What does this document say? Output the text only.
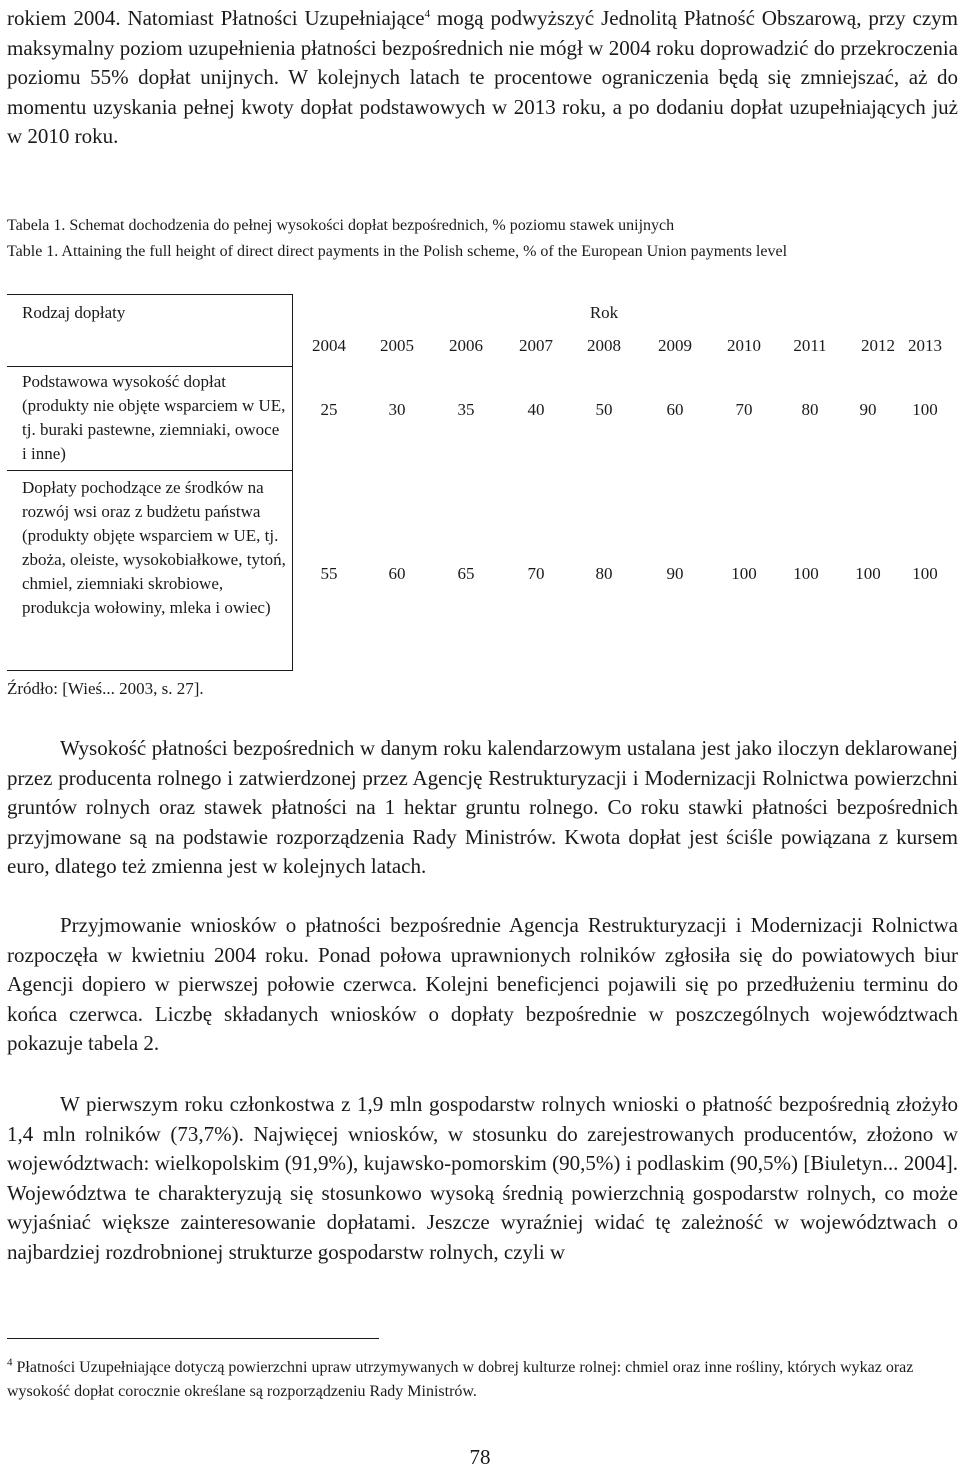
rokiem 2004. Natomiast Płatności Uzupełniające$^4$ mogą podwyższyć Jednolitą Płatność Obszarową, przy czym maksymalny poziom uzupełnienia płatności bezpośrednich nie mógł w 2004 roku doprowadzić do przekroczenia poziomu 55% dopłat unijnych. W kolejnych latach te procentowe ograniczenia będą się zmniejszać, aż do momentu uzyskania pełnej kwoty dopłat podstawowych w 2013 roku, a po dodaniu dopłat uzupełniających już w 2010 roku.

Tabela 1. Schemat dochodzenia do pełnej wysokości dopłat bezpośrednich, % poziomu stawek unijnych

Table 1. Attaining the full height of direct direct payments in the Polish scheme, % of the European Union payments level

Rodzaj dopłaty	Rok
2004	2005	2006	2007	2008	2009	2010	2011	2012 2013
Podstawowa wysokość dopłat (produkty nie objęte wsparciem w UE, tj. buraki pastewne, ziemniaki, owoce i inne)
25	30	35	40	50	60	70	80	90	100
Dopłaty pochodzące ze środków na rozwój wsi oraz z budżetu państwa (produkty objęte wsparciem w UE, tj. zboża, oleiste, wysokobiałkowe, tytoń, chmiel, ziemniaki skrobiowe, produkcja wołowiny, mleka i owiec)
55	60	65	70	80	90	100	100	100	100
Źródło: [Wieś... 2003, s. 27].

Wysokość płatności bezpośrednich w danym roku kalendarzowym ustalana jest jako iloczyn deklarowanej przez producenta rolnego i zatwierdzonej przez Agencję Restrukturyzacji i Modernizacji Rolnictwa powierzchni gruntów rolnych oraz stawek płatności na 1 hektar gruntu rolnego. Co roku stawki płatności bezpośrednich przyjmowane są na podstawie rozporządzenia Rady Ministrów. Kwota dopłat jest ściśle powiązana z kursem euro, dlatego też zmienna jest w kolejnych latach.

Przyjmowanie wniosków o płatności bezpośrednie Agencja Restrukturyzacji i Modernizacji Rolnictwa rozpoczęła w kwietniu 2004 roku. Ponad połowa uprawnionych rolników zgłosiła się do powiatowych biur Agencji dopiero w pierwszej połowie czerwca. Kolejni beneficjenci pojawili się po przedłużeniu terminu do końca czerwca. Liczbę składanych wniosków o dopłaty bezpośrednie w poszczególnych województwach pokazuje tabela 2.

W pierwszym roku członkostwa z 1,9 mln gospodarstw rolnych wnioski o płatność bezpośrednią złożyło 1,4 mln rolników (73,7%). Najwięcej wniosków, w stosunku do zarejestrowanych producentów, złożono w województwach: wielkopolskim (91,9%), kujawsko-pomorskim (90,5%) i podlaskim (90,5%) [Biuletyn... 2004]. Województwa te charakteryzują się stosunkowo wysoką średnią powierzchnią gospodarstw rolnych, co może wyjaśniać większe zainteresowanie dopłatami. Jeszcze wyraźniej widać tę zależność w województwach o najbardziej rozdrobnionej strukturze gospodarstw rolnych, czyli w

$^4$ Płatności Uzupełniające dotyczą powierzchni upraw utrzymywanych w dobrej kulturze rolnej: chmiel oraz inne rośliny, których wykaz oraz wysokość dopłat corocznie określane są rozporządzeniu Rady Ministrów.

78
